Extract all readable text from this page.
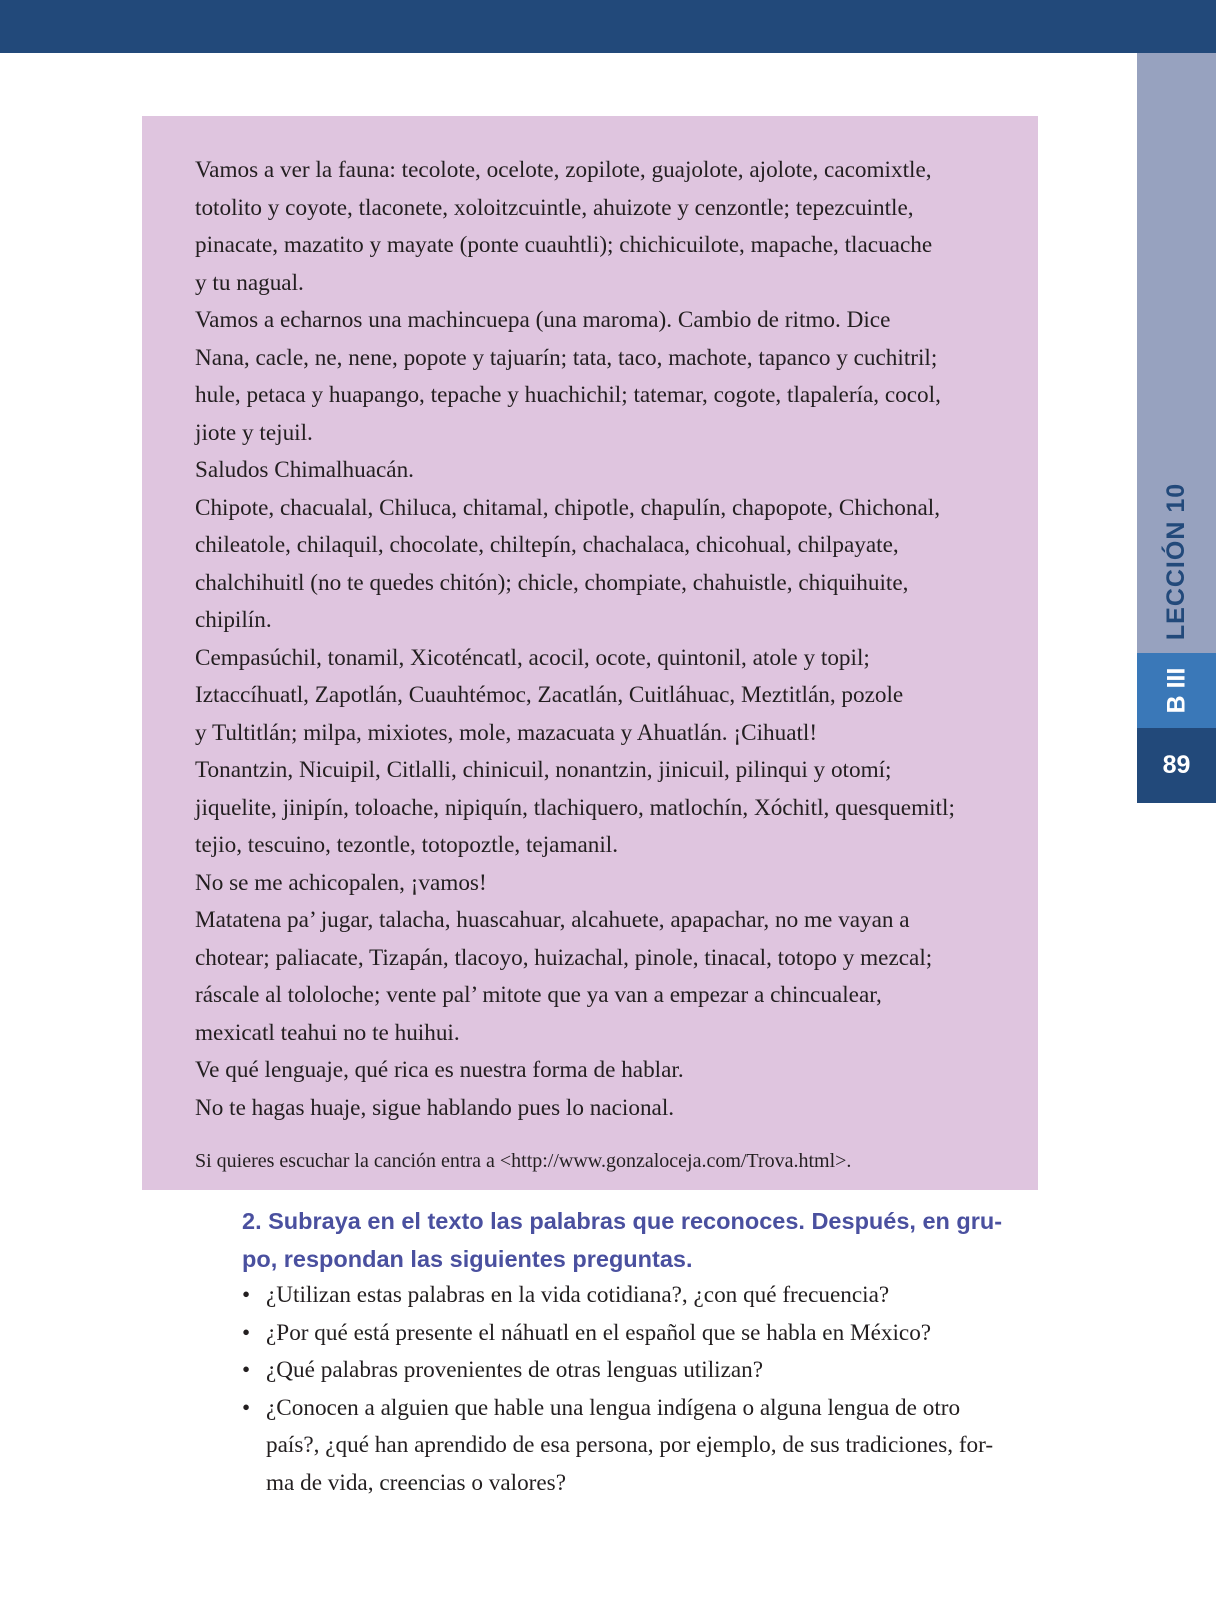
LECCIÓN 10
B III
89
Vamos a ver la fauna: tecolote, ocelote, zopilote, guajolote, ajolote, cacomixtle,
totolito y coyote, tlaconete, xoloitzcuintle, ahuizote y cenzontle; tepezcuintle,
pinacate, mazatito y mayate (ponte cuauhtli); chichicuilote, mapache, tlacuache
y tu nagual.
Vamos a echarnos una machincuepa (una maroma). Cambio de ritmo. Dice
Nana, cacle, ne, nene, popote y tajuarín; tata, taco, machote, tapanco y cuchitril;
hule, petaca y huapango, tepache y huachichil; tatemar, cogote, tlapalería, cocol,
jiote y tejuil.
Saludos Chimalhuacán.
Chipote, chacualal, Chiluca, chitamal, chipotle, chapulín, chapopote, Chichonal,
chileatole, chilaquil, chocolate, chiltepín, chachalaca, chicohual, chilpayate,
chalchihuitl (no te quedes chitón); chicle, chompiate, chahuistle, chiquihuite,
chipilín.
Cempasúchil, tonamil, Xicoténcatl, acocil, ocote, quintonil, atole y topil;
Iztaccíhuatl, Zapotlán, Cuauhtémoc, Zacatlán, Cuitláhuac, Meztitlán, pozole
y Tultitlán; milpa, mixiotes, mole, mazacuata y Ahuatlán. ¡Cihuatl!
Tonantzin, Nicuipil, Citlalli, chinicuil, nonantzin, jinicuil, pilinqui y otomí;
jiquelite, jinipín, toloache, nipiquín, tlachiquero, matlochín, Xóchitl, quesquemitl;
tejio, tescuino, tezontle, totopoztle, tejamanil.
No se me achicopalen, ¡vamos!
Matatena pa’ jugar, talacha, huascahuar, alcahuete, apapachar, no me vayan a
chotear; paliacate, Tizapán, tlacoyo, huizachal, pinole, tinacal, totopo y mezcal;
ráscale al tololoche; vente pal’ mitote que ya van a empezar a chincualear,
mexicatl teahui no te huihui.
Ve qué lenguaje, qué rica es nuestra forma de hablar.
No te hagas huaje, sigue hablando pues lo nacional.
Si quieres escuchar la canción entra a <http://www.gonzaloceja.com/Trova.html>.
2. Subraya en el texto las palabras que reconoces. Después, en gru-
po, respondan las siguientes preguntas.
• ¿Utilizan estas palabras en la vida cotidiana?, ¿con qué frecuencia?
• ¿Por qué está presente el náhuatl en el español que se habla en México?
• ¿Qué palabras provenientes de otras lenguas utilizan?
• ¿Conocen a alguien que hable una lengua indígena o alguna lengua de otro
país?, ¿qué han aprendido de esa persona, por ejemplo, de sus tradiciones, for-
ma de vida, creencias o valores?
